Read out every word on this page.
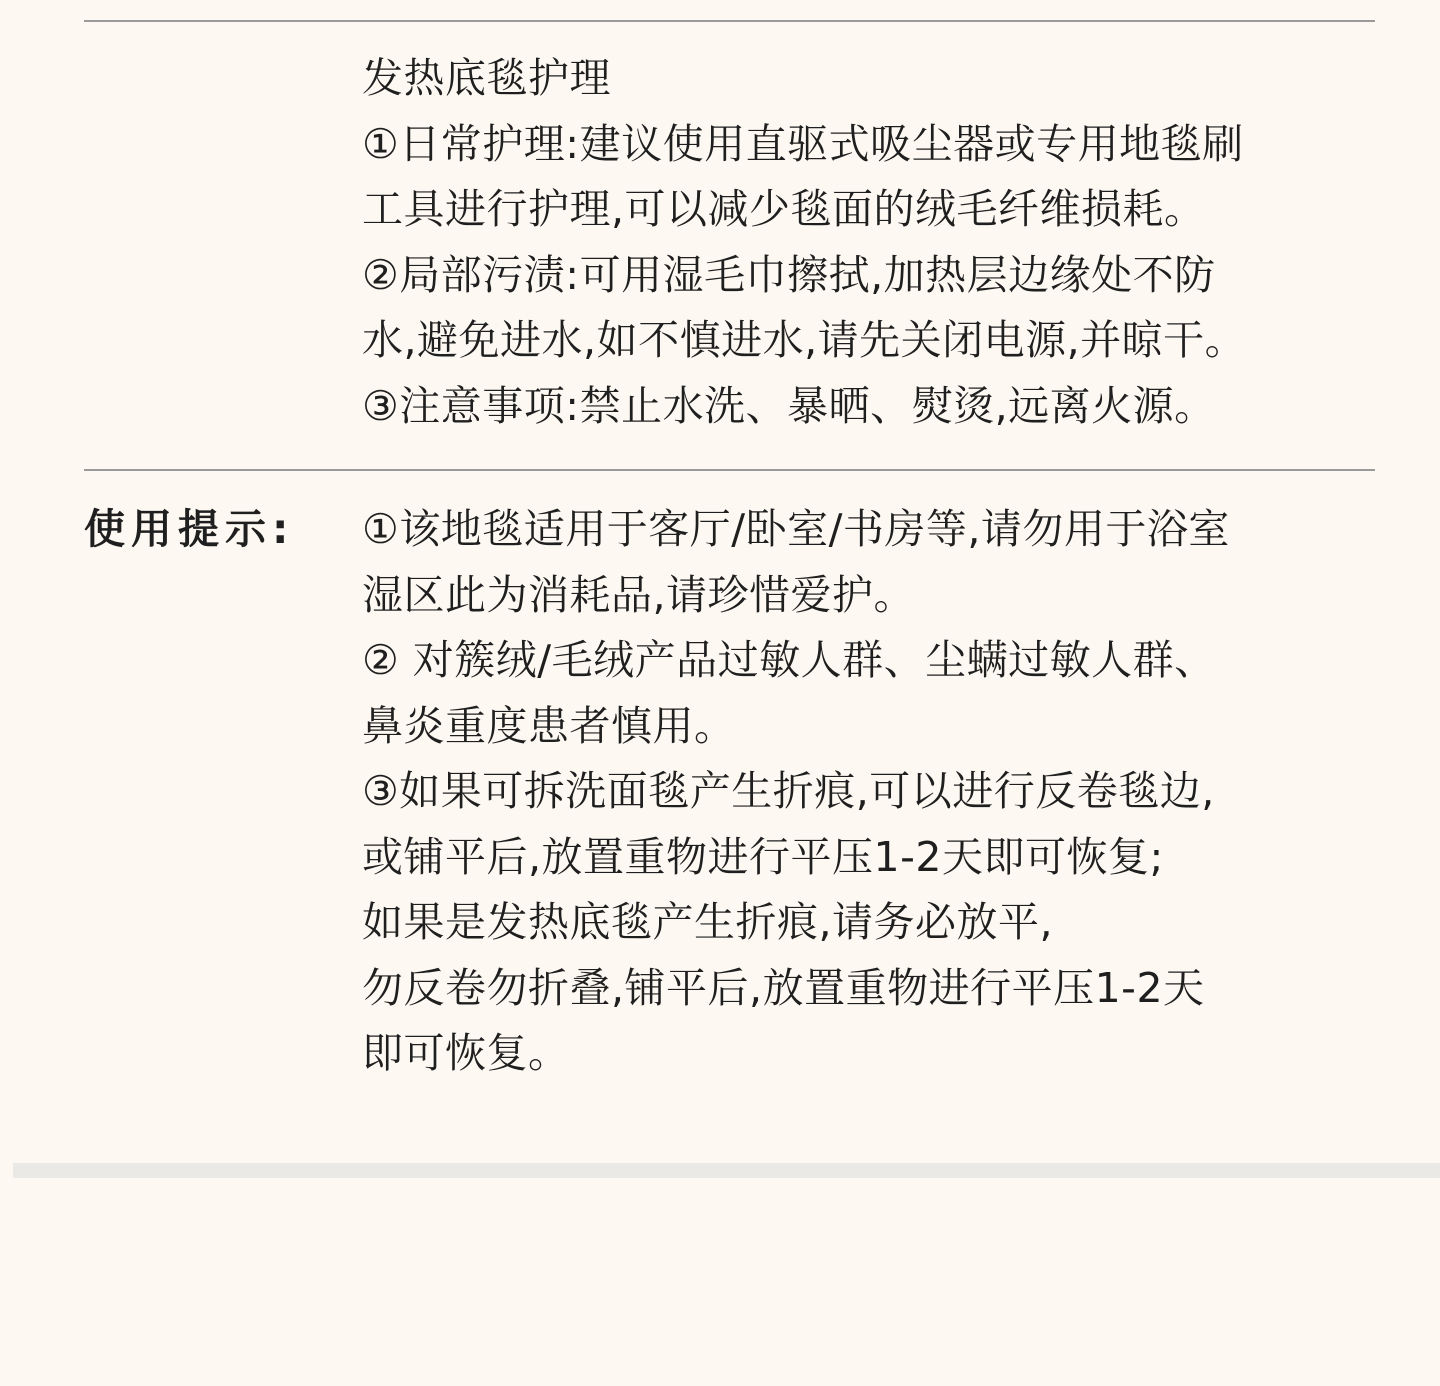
发热底毯护理
①日常护理:建议使用直驱式吸尘器或专用地毯刷
工具进行护理,可以减少毯面的绒毛纤维损耗。
②局部污渍:可用湿毛巾擦拭,加热层边缘处不防
水,避免进水,如不慎进水,请先关闭电源,并晾干。
③注意事项:禁止水洗、暴晒、熨烫,远离火源。
使用提示: ①该地毯适用于客厅/卧室/书房等,请勿用于浴室
湿区此为消耗品,请珍惜爱护。
② 对簇绒/毛绒产品过敏人群、尘螨过敏人群、
鼻炎重度患者慎用。
③如果可拆洗面毯产生折痕,可以进行反卷毯边,
或铺平后,放置重物进行平压1-2天即可恢复;
如果是发热底毯产生折痕,请务必放平,
勿反卷勿折叠,铺平后,放置重物进行平压1-2天
即可恢复。
